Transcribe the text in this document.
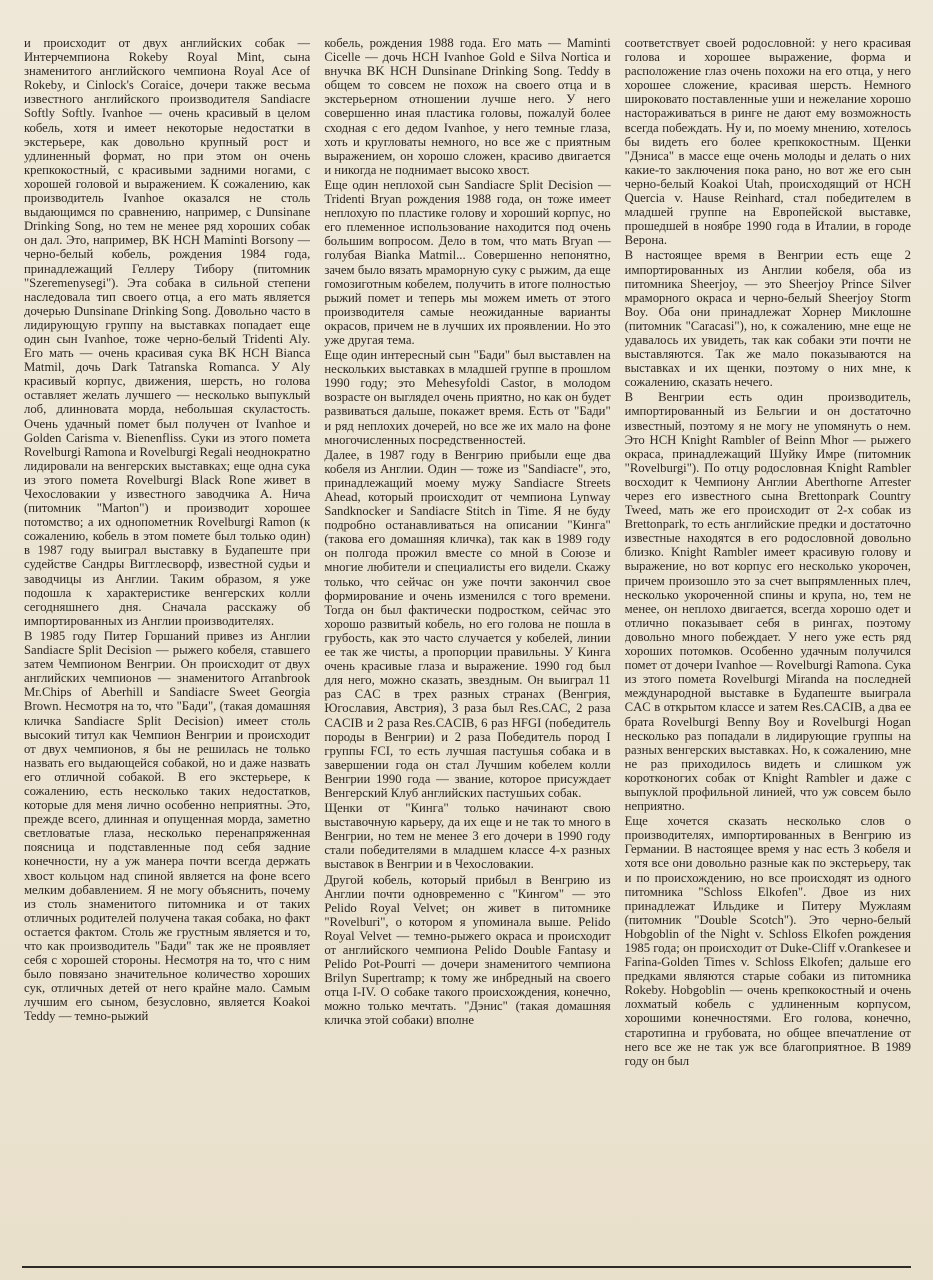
и происходит от двух английских собак — Интерчемпиона Rokeby Royal Mint, сына знаменитого английского чемпиона Royal Ace of Rokeby, и Cinlock's Coraice, дочери также весьма известного английского производителя Sandiacre Softly Softly. Ivanhoe — очень красивый в целом кобель, хотя и имеет некоторые недостатки в экстерьере, как довольно крупный рост и удлиненный формат, но при этом он очень крепкокостный, с красивыми задними ногами, с хорошей головой и выражением. К сожалению, как производитель Ivanhoe оказался не столь выдающимся по сравнению, например, с Dunsinane Drinking Song, но тем не менее ряд хороших собак он дал. Это, например, BK HCH Maminti Borsony — черно-белый кобель, рождения 1984 года, принадлежащий Геллеру Тибору (питомник "Szeremenysegi"). Эта собака в сильной степени наследовала тип своего отца, а его мать является дочерью Dunsinane Drinking Song. Довольно часто в лидирующую группу на выставках попадает еще один сын Ivanhoe, тоже черно-белый Tridenti Aly. Его мать — очень красивая сука BK HCH Bianca Matmil, дочь Dark Tatranska Romanca. У Aly красивый корпус, движения, шерсть, но голова оставляет желать лучшего — несколько выпуклый лоб, длинновата морда, небольшая скуластость. Очень удачный помет был получен от Ivanhoe и Golden Carisma v. Bienenfliss. Суки из этого помета Rovelburgi Ramona и Rovelburgi Regali неоднократно лидировали на венгерских выставках; еще одна сука из этого помета Rovelburgi Black Rone живет в Чехословакии у известного заводчика А. Нича (питомник "Marton") и производит хорошее потомство; а их однопометник Rovelburgi Ramon (к сожалению, кобель в этом помете был только один) в 1987 году выиграл выставку в Будапеште при судействе Сандры Вигглесворф, известной судьи и заводчицы из Англии. Таким образом, я уже подошла к характеристике венгерских колли сегодняшнего дня. Сначала расскажу об импортированных из Англии производителях.

В 1985 году Питер Горшаний привез из Англии Sandiacre Split Decision — рыжего кобеля, ставшего затем Чемпионом Венгрии. Он происходит от двух английских чемпионов — знаменитого Arranbrook Mr.Chips of Aberhill и Sandiacre Sweet Georgia Brown. Несмотря на то, что "Бади", (такая домашняя кличка Sandiacre Split Decision) имеет столь высокий титул как Чемпион Венгрии и происходит от двух чемпионов, я бы не решилась не только назвать его выдающейся собакой, но и даже назвать его отличной собакой. В его экстерьере, к сожалению, есть несколько таких недостатков, которые для меня лично особенно неприятны. Это, прежде всего, длинная и опущенная морда, заметно светловатые глаза, несколько перенапряженная поясница и подставленные под себя задние конечности, ну а уж манера почти всегда держать хвост кольцом над спиной является на фоне всего мелким добавлением. Я не могу объяснить, почему из столь знаменитого питомника и от таких отличных родителей получена такая собака, но факт остается фактом. Столь же грустным является и то, что как производитель "Бади" так же не проявляет себя с хорошей стороны. Несмотря на то, что с ним было повязано значительное количество хороших сук, отличных детей от него крайне мало. Самым лучшим его сыном, безусловно, является Koakoi Teddy — темно-рыжий

кобель, рождения 1988 года. Его мать — Maminti Cicelle — дочь HCH Ivanhoe Gold e Silva Nortica и внучка BK HCH Dunsinane Drinking Song. Teddy в общем то совсем не похож на своего отца и в экстерьерном отношении лучше него. У него совершенно иная пластика головы, пожалуй более сходная с его дедом Ivanhoe, у него темные глаза, хоть и кругловаты немного, но все же с приятным выражением, он хорошо сложен, красиво двигается и никогда не поднимает высоко хвост.

Еще один неплохой сын Sandiacre Split Decision — Tridenti Bryan рождения 1988 года, он тоже имеет неплохую по пластике голову и хороший корпус, но его племенное использование находится под очень большим вопросом. Дело в том, что мать Bryan — голубая Bianka Matmil... Совершенно непонятно, зачем было вязать мраморную суку с рыжим, да еще гомозиготным кобелем, получить в итоге полностью рыжий помет и теперь мы можем иметь от этого производителя самые неожиданные варианты окрасов, причем не в лучших их проявлении. Но это уже другая тема.

Еще один интересный сын "Бади" был выставлен на нескольких выставках в младшей группе в прошлом 1990 году; это Mehesyfoldi Castor, в молодом возрасте он выглядел очень приятно, но как он будет развиваться дальше, покажет время. Есть от "Бади" и ряд неплохих дочерей, но все же их мало на фоне многочисленных посредственностей.

Далее, в 1987 году в Венгрию прибыли еще два кобеля из Англии. Один — тоже из "Sandiacre", это, принадлежащий моему мужу Sandiacre Streets Ahead, который происходит от чемпиона Lynway Sandknocker и Sandiacre Stitch in Time. Я не буду подробно останавливаться на описании "Кинга" (такова его домашняя кличка), так как в 1989 году он полгода прожил вместе со мной в Союзе и многие любители и специалисты его видели. Скажу только, что сейчас он уже почти закончил свое формирование и очень изменился с того времени. Тогда он был фактически подростком, сейчас это хорошо развитый кобель, но его голова не пошла в грубость, как это часто случается у кобелей, линии ее так же чисты, а пропорции правильны. У Кинга очень красивые глаза и выражение. 1990 год был для него, можно сказать, звездным. Он выиграл 11 раз CAC в трех разных странах (Венгрия, Югославия, Австрия), 3 раза был Res.CAC, 2 раза CACIB и 2 раза Res.CACIB, 6 раз HFGI (победитель породы в Венгрии) и 2 раза Победитель пород I группы FCI, то есть лучшая пастушья собака и в завершении года он стал Лучшим кобелем колли Венгрии 1990 года — звание, которое присуждает Венгерский Клуб английских пастушьих собак.

Щенки от "Кинга" только начинают свою выставочную карьеру, да их еще и не так то много в Венгрии, но тем не менее 3 его дочери в 1990 году стали победителями в младшем классе 4-х разных выставок в Венгрии и в Чехословакии.

Другой кобель, который прибыл в Венгрию из Англии почти одновременно с "Кингом" — это Pelido Royal Velvet; он живет в питомнике "Rovelburi", о котором я упоминала выше. Pelido Royal Velvet — темно-рыжего окраса и происходит от английского чемпиона Pelido Double Fantasy и Pelido Pot-Pourri — дочери знаменитого чемпиона Brilyn Supertramp; к тому же инбредный на своего отца I-IV. О собаке такого происхождения, конечно, можно только мечтать. "Дэнис" (такая домашняя кличка этой собаки) вполне

соответствует своей родословной: у него красивая голова и хорошее выражение, форма и расположение глаз очень похожи на его отца, у него хорошее сложение, красивая шерсть. Немного широковато поставленные уши и нежелание хорошо настораживаться в ринге не дают ему возможность всегда побеждать. Ну и, по моему мнению, хотелось бы видеть его более крепкокостным. Щенки "Дэниса" в массе еще очень молоды и делать о них какие-то заключения пока рано, но вот же его сын черно-белый Koakoi Utah, происходящий от HCH Quercia v. Hause Reinhard, стал победителем в младшей группе на Европейской выставке, прошедшей в ноябре 1990 года в Италии, в городе Верона.

В настоящее время в Венгрии есть еще 2 импортированных из Англии кобеля, оба из питомника Sheerjoy, — это Sheerjoy Prince Silver мраморного окраса и черно-белый Sheerjoy Storm Boy. Оба они принадлежат Хорнер Миклошне (питомник "Caracasi"), но, к сожалению, мне еще не удавалось их увидеть, так как собаки эти почти не выставляются. Так же мало показываются на выставках и их щенки, поэтому о них мне, к сожалению, сказать нечего.

В Венгрии есть один производитель, импортированный из Бельгии и он достаточно известный, поэтому я не могу не упомянуть о нем. Это HCH Knight Rambler of Beinn Mhor — рыжего окраса, принадлежащий Шуйку Имре (питомник "Rovelburgi"). По отцу родословная Knight Rambler восходит к Чемпиону Англии Aberthorne Arrester через его известного сына Brettonpark Country Tweed, мать же его происходит от 2-х собак из Brettonpark, то есть английские предки и достаточно известные находятся в его родословной довольно близко. Knight Rambler имеет красивую голову и выражение, но вот корпус его несколько укорочен, причем произошло это за счет выпрямленных плеч, несколько укороченной спины и крупа, но, тем не менее, он неплохо двигается, всегда хорошо одет и отлично показывает себя в рингах, поэтому довольно много побеждает. У него уже есть ряд хороших потомков. Особенно удачным получился помет от дочери Ivanhoe — Rovelburgi Ramona. Сука из этого помета Rovelburgi Miranda на последней международной выставке в Будапеште выиграла CAC в открытом классе и затем Res.CACIB, а два ее брата Rovelburgi Benny Boy и Rovelburgi Hogan несколько раз попадали в лидирующие группы на разных венгерских выставках. Но, к сожалению, мне не раз приходилось видеть и слишком уж коротконогих собак от Knight Rambler и даже с выпуклой профильной линией, что уж совсем было неприятно.

Еще хочется сказать несколько слов о производителях, импортированных в Венгрию из Германии. В настоящее время у нас есть 3 кобеля и хотя все они довольно разные как по экстерьеру, так и по происхождению, но все происходят из одного питомника "Schloss Elkofen". Двое из них принадлежат Ильдике и Питеру Мужлаям (питомник "Double Scotch"). Это черно-белый Hobgoblin of the Night v. Schloss Elkofen рождения 1985 года; он происходит от Duke-Cliff v.Orankesee и Farina-Golden Times v. Schloss Elkofen; дальше его предками являются старые собаки из питомника Rokeby. Hobgoblin — очень крепкокостный и очень лохматый кобель с удлиненным корпусом, хорошими конечностями. Его голова, конечно, старотипна и грубовата, но общее впечатление от него все же не так уж все благоприятное. В 1989 году он был
